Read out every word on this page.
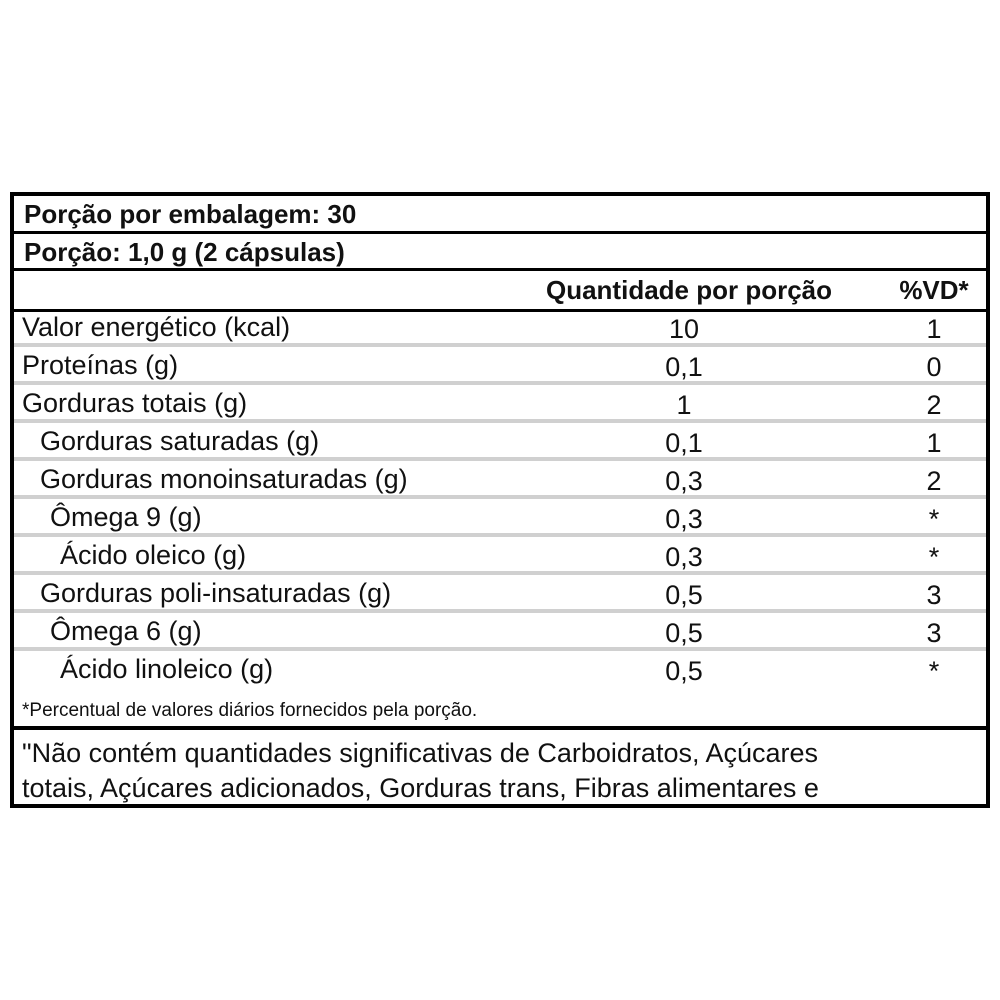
Porção por embalagem: 30
Porção: 1,0 g (2 cápsulas)
Quantidade por porção	%VD*
Valor energético (kcal)	10	1
Proteínas (g)	0,1	0
Gorduras totais (g)	1	2
Gorduras saturadas (g)	0,1	1
Gorduras monoinsaturadas (g)	0,3	2
Ômega 9 (g)	0,3	*
Ácido oleico (g)	0,3	*
Gorduras poli-insaturadas (g)	0,5	3
Ômega 6 (g)	0,5	3
Ácido linoleico (g)	0,5	*
*Percentual de valores diários fornecidos pela porção.
"Não contém quantidades significativas de Carboidratos, Açúcares
totais, Açúcares adicionados, Gorduras trans, Fibras alimentares e
